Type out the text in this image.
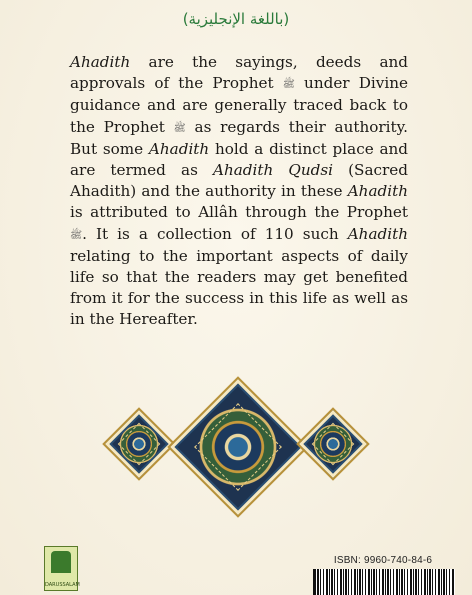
(باللغة الإنجليزية)

Ahadith are the sayings, deeds and approvals of the Prophet ﷺ under Divine guidance and are generally traced back to the Prophet ﷺ as regards their authority. But some Ahadith hold a distinct place and are termed as Ahadith Qudsi (Sacred Ahadith) and the authority in these Ahadith is attributed to Allâh through the Prophet ﷺ. It is a collection of 110 such Ahadith relating to the important aspects of daily life so that the readers may get benefited from it for the success in this life as well as in the Hereafter.

DARUSSALAM
ISBN: 9960-740-84-6
